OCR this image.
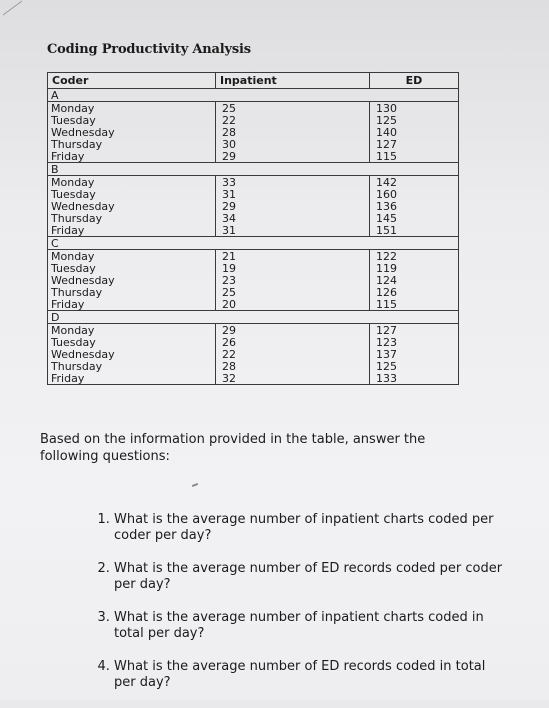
Coding Productivity Analysis
Coder	Inpatient	ED
A		
Monday	25	130
Tuesday	22	125
Wednesday	28	140
Thursday	30	127
Friday	29	115
B		
Monday	33	142
Tuesday	31	160
Wednesday	29	136
Thursday	34	145
Friday	31	151
C		
Monday	21	122
Tuesday	19	119
Wednesday	23	124
Thursday	25	126
Friday	20	115
D		
Monday	29	127
Tuesday	26	123
Wednesday	22	137
Thursday	28	125
Friday	32	133

Based on the information provided in the table, answer the following questions:

1. What is the average number of inpatient charts coded per coder per day?
2. What is the average number of ED records coded per coder per day?
3. What is the average number of inpatient charts coded in total per day?
4. What is the average number of ED records coded in total per day?
